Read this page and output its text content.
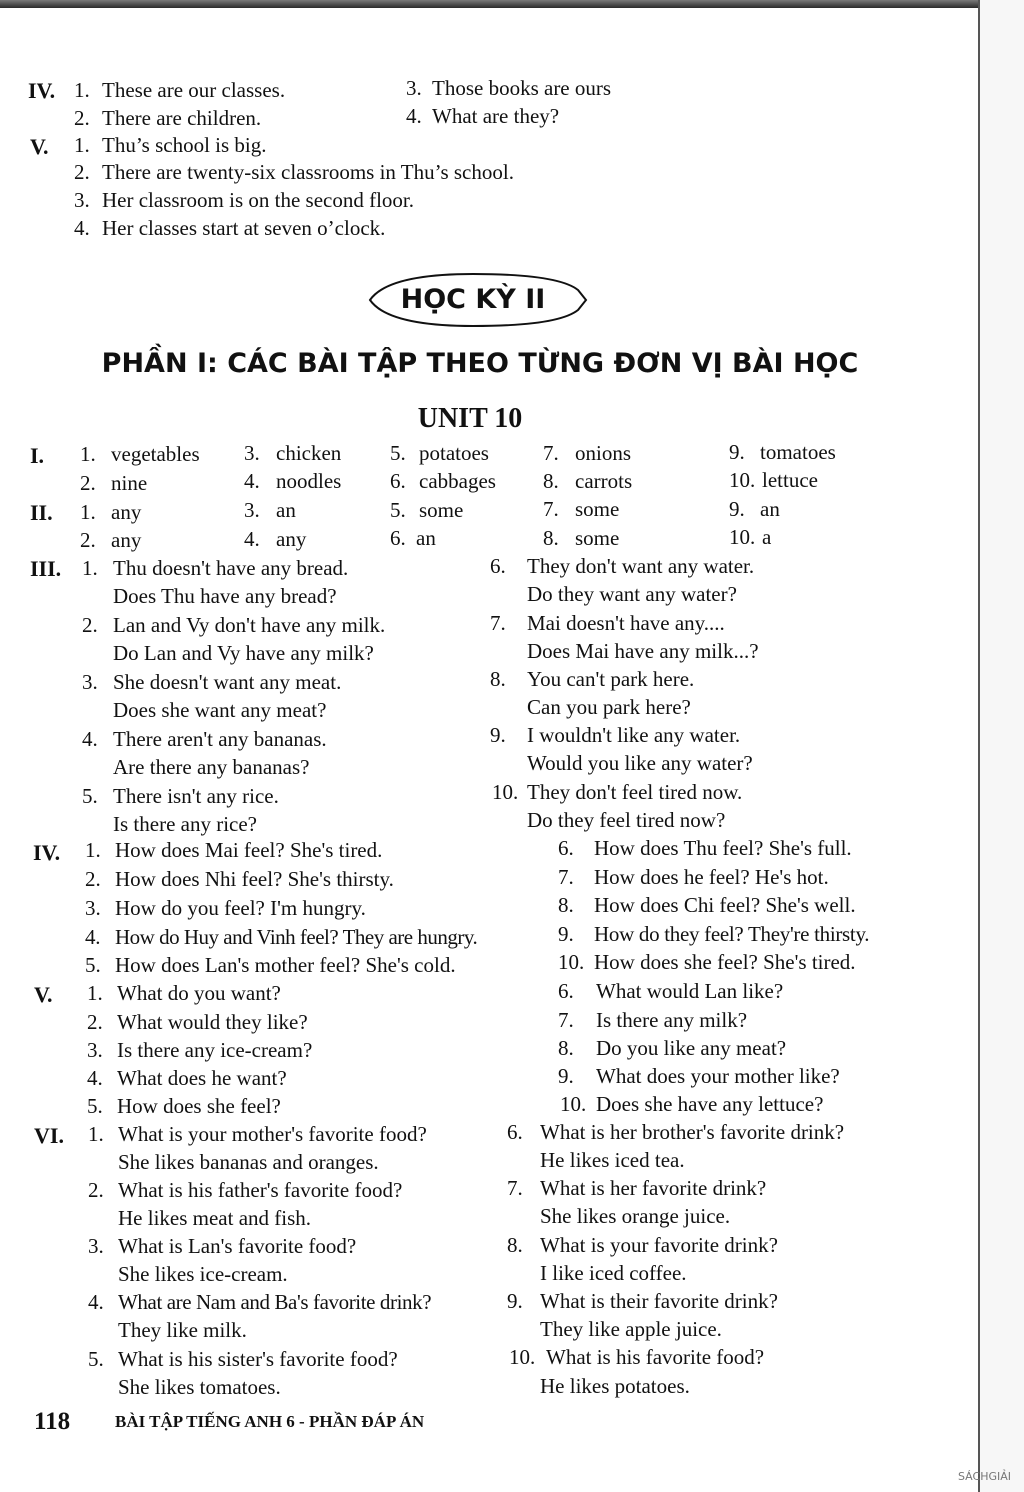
IV. 1. These are our classes.	3. Those books are ours
2. There are children.	4. What are they?
V. 1. Thu’s school is big.
2. There are twenty-six classrooms in Thu’s school.
3. Her classroom is on the second floor.
4. Her classes start at seven o’clock.
HỌC KỲ II
PHẦN I: CÁC BÀI TẬP THEO TỪNG ĐƠN VỊ BÀI HỌC
UNIT 10
I. 1. vegetables
2. nine
3. chicken
4. noodles
5. potatoes
6. cabbages
7. onions
8. carrots
9. tomatoes
10. lettuce
II. 1. any
2. any
3. an
4. any
5. some
6. an
7. some
8. some
9. an
10. a
III. 1. Thu doesn't have any bread.
Does Thu have any bread?
2. Lan and Vy don't have any milk.
Do Lan and Vy have any milk?
3. She doesn't want any meat.
Does she want any meat?
4. There aren't any bananas.
Are there any bananas?
5. There isn't any rice.
Is there any rice?
6. They don't want any water.
Do they want any water?
7. Mai doesn't have any....
Does Mai have any milk...?
8. You can't park here.
Can you park here?
9. I wouldn't like any water.
Would you like any water?
10. They don't feel tired now.
Do they feel tired now?
IV. 1. How does Mai feel? She's tired.
2. How does Nhi feel? She's thirsty.
3. How do you feel? I'm hungry.
4. How do Huy and Vinh feel? They are hungry.
5. How does Lan's mother feel? She's cold.
6. How does Thu feel? She's full.
7. How does he feel? He's hot.
8. How does Chi feel? She's well.
9. How do they feel? They're thirsty.
10. How does she feel? She's tired.
V. 1. What do you want?
2. What would they like?
3. Is there any ice-cream?
4. What does he want?
5. How does she feel?
6. What would Lan like?
7. Is there any milk?
8. Do you like any meat?
9. What does your mother like?
10. Does she have any lettuce?
VI. 1. What is your mother's favorite food?
She likes bananas and oranges.
2. What is his father's favorite food?
He likes meat and fish.
3. What is Lan's favorite food?
She likes ice-cream.
4. What are Nam and Ba's favorite drink?
They like milk.
5. What is his sister's favorite food?
She likes tomatoes.
6. What is her brother's favorite drink?
He likes iced tea.
7. What is her favorite drink?
She likes orange juice.
8. What is your favorite drink?
I like iced coffee.
9. What is their favorite drink?
They like apple juice.
10. What is his favorite food?
He likes potatoes.
118	BÀI TẬP TIẾNG ANH 6 - PHẦN ĐÁP ÁN
SÁCHGIẢI
